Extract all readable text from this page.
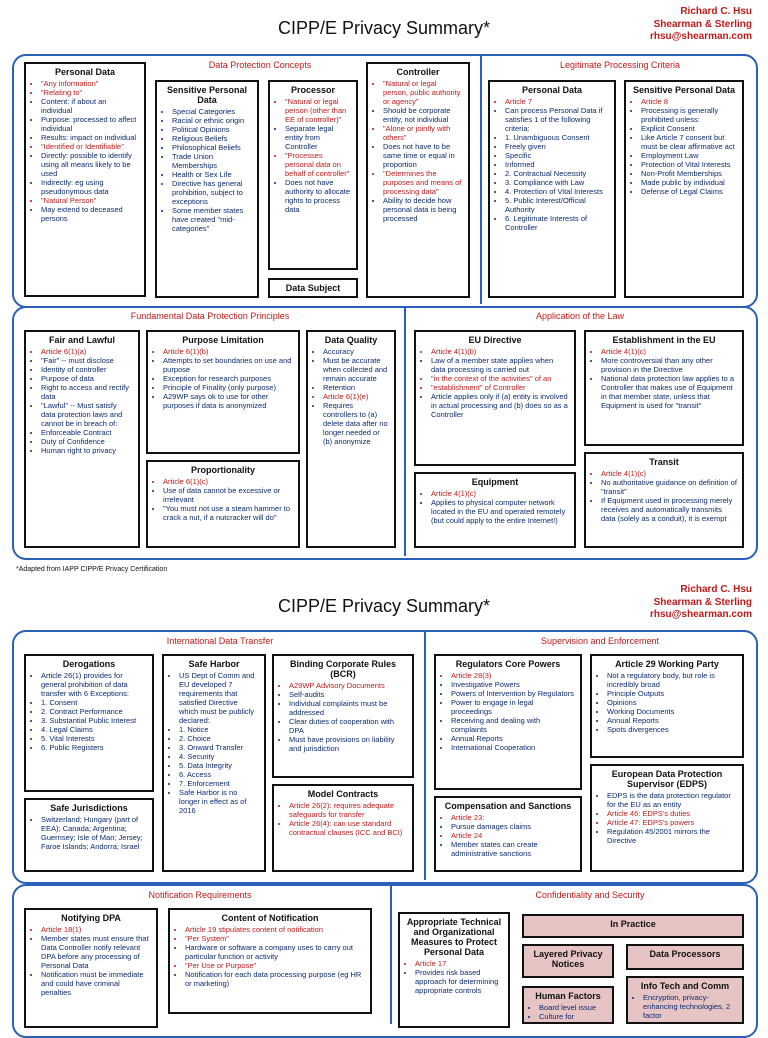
CIPP/E Privacy Summary*
Richard C. Hsu
Shearman & Sterling
rhsu@shearman.com
Data Protection Concepts	Legitimate Processing Criteria
Personal Data
• "Any information"
• "Relating to"
• Content: if about an individual
• Purpose: processed to affect individual
• Results: impact on individual
• "Identified or Identifiable"
• Directly: possible to identify using all means likely to be used
• Indirectly: eg using pseudonymous data
• "Natural Person"
• May extend to deceased persons
Sensitive Personal Data
• Special Categories
• Racial or ethnic origin
• Political Opinions
• Religious Beliefs
• Philosophical Beliefs
• Trade Union Memberships
• Health or Sex Life
• Directive has general prohibition, subject to exceptions
• Some member states have created "mid-categories"
Processor
• "Natural or legal person (other than EE of controller)"
• Separate legal entity from Controller
• "Processes personal data on behalf of controller"
• Does not have authority to allocate rights to process data
Data Subject
Controller
• "Natural or legal person, public authority or agency"
• Should be corporate entity, not individual
• "Alone or jointly with others"
• Does not have to be same time or equal in proportion
• "Determines the purposes and means of processing data"
• Ability to decide how personal data is being processed
Personal Data
• Article 7
• Can process Personal Data if satisfies 1 of the following criteria:
• 1. Unambiguous Consent
• Freely given
• Specific
• Informed
• 2. Contractual Necessity
• 3. Compliance with Law
• 4. Protection of Vital Interests
• 5. Public Interest/Official Authority
• 6. Legitimate Interests of Controller
Sensitive Personal Data
• Article 8
• Processing is generally prohibited unless:
• Explicit Consent
• Like Article 7 consent but must be clear affirmative act
• Employment Law
• Protection of Vital Interests
• Non-Profit Memberships
• Made public by individual
• Defense of Legal Claims
Fundamental Data Protection Principles	Application of the Law
Fair and Lawful
• Article 6(1)(a)
• "Fair" -- must disclose
• Identity of controller
• Purpose of data
• Right to access and rectify data
• "Lawful" -- Must satisfy data protection laws and cannot be in breach of:
• Enforceable Contract
• Duty of Confidence
• Human right to privacy
Purpose Limitation
• Article 6(1)(b)
• Attempts to set boundaries on use and purpose
• Exception for research purposes
• Principle of Finality (only purpose)
• A29WP says ok to use for other purposes if data is anonymized
Proportionality
• Article 6(1)(c)
• Use of data cannot be excessive or irrelevant
• "You must not use a steam hammer to crack a nut, if a nutcracker will do"
Data Quality
• Accuracy
• Must be accurate when collected and remain accurate
• Retention
• Article 6(1)(e)
• Requires controllers to (a) delete data after no longer needed or (b) anonymize
EU Directive
• Article 4(1)(b)
• Law of a member state applies when data processing is carried out
• "in the context of the activities" of an
• "establishment" of Controller
• Article applies only if (a) entity is involved in actual processing and (b) does so as a Controller
Equipment
• Article 4(1)(c)
• Applies to physical computer network located in the EU and operated remotely (but could apply to the entire Internet!)
Establishment in the EU
• Article 4(1)(c)
• More controversial than any other provision in the Directive
• National data protection law applies to a Controller that makes use of Equipment in that member state, unless that Equipment is used for "transit"
Transit
• Article 4(1)(c)
• No authoritative guidance on definition of "transit"
• If Equipment used in processing merely receives and automatically transmits data (solely as a conduit), it is exempt
*Adapted from IAPP CIPP/E Privacy Certification
CIPP/E Privacy Summary*
Richard C. Hsu
Shearman & Sterling
rhsu@shearman.com
International Data Transfer	Supervision and Enforcement
Derogations
• Article 26(1) provides for general prohibition of data transfer with 6 Exceptions:
• 1. Consent
• 2. Contract Performance
• 3. Substantial Public Interest
• 4. Legal Claims
• 5. Vital Interests
• 6. Public Registers
Safe Jurisdictions
• Switzerland; Hungary (part of EEA); Canada; Argentina; Guernsey; Isle of Man; Jersey; Faroe Islands; Andorra; Israel
Safe Harbor
• US Dept of Comm and EU developed 7 requirements that satisfied Directive which must be publicly declared:
• 1. Notice
• 2. Choice
• 3. Onward Transfer
• 4. Security
• 5. Data Integrity
• 6. Access
• 7. Enforcement
• Safe Harbor is no longer in effect as of 2016
Binding Corporate Rules (BCR)
• A29WP Advisory Documents
• Self-audits
• Individual complaints must be addressed
• Clear duties of cooperation with DPA
• Must have provisions on liability and jurisdiction
Model Contracts
• Article 26(2): requires adequate safeguards for transfer
• Article 26(4): can use standard contractual clauses (ICC and BCI)
Regulators Core Powers
• Article 28(3)
• Investigative Powers
• Powers of Intervention by Regulators
• Power to engage in legal proceedings
• Receiving and dealing with complaints
• Annual Reports
• International Cooperation
Compensation and Sanctions
• Article 23:
• Pursue damages claims
• Article 24
• Member states can create administrative sanctions
Article 29 Working Party
• Not a regulatory body, but role is incredibly broad
• Principle Outputs
• Opinions
• Working Documents
• Annual Reports
• Spots divergences
European Data Protection Supervisor (EDPS)
• EDPS is the data protection regulator for the EU as an entity
• Article 46: EDPS's duties
• Article 47: EDPS's powers
• Regulation 45/2001 mirrors the Directive
Notification Requirements	Confidentiality and Security
Notifying DPA
• Article 18(1)
• Member states must ensure that Data Controller notify relevant DPA before any processing of Personal Data
• Notification must be immediate and could have criminal penalties
Content of Notification
• Article 19 stipulates content of notification
• "Per System"
• Hardware or software a company uses to carry out particular function or activity
• "Per Use or Purpose"
• Notification for each data processing purpose (eg HR or marketing)
Appropriate Technical and Organizational Measures to Protect Personal Data
• Article 17
• Provides risk based approach for determining appropriate controls
In Practice
Layered Privacy Notices
Data Processors
Human Factors
• Board level issue
• Culture for
Info Tech and Comm
• Encryption, privacy-enhancing technologies, 2 factor
